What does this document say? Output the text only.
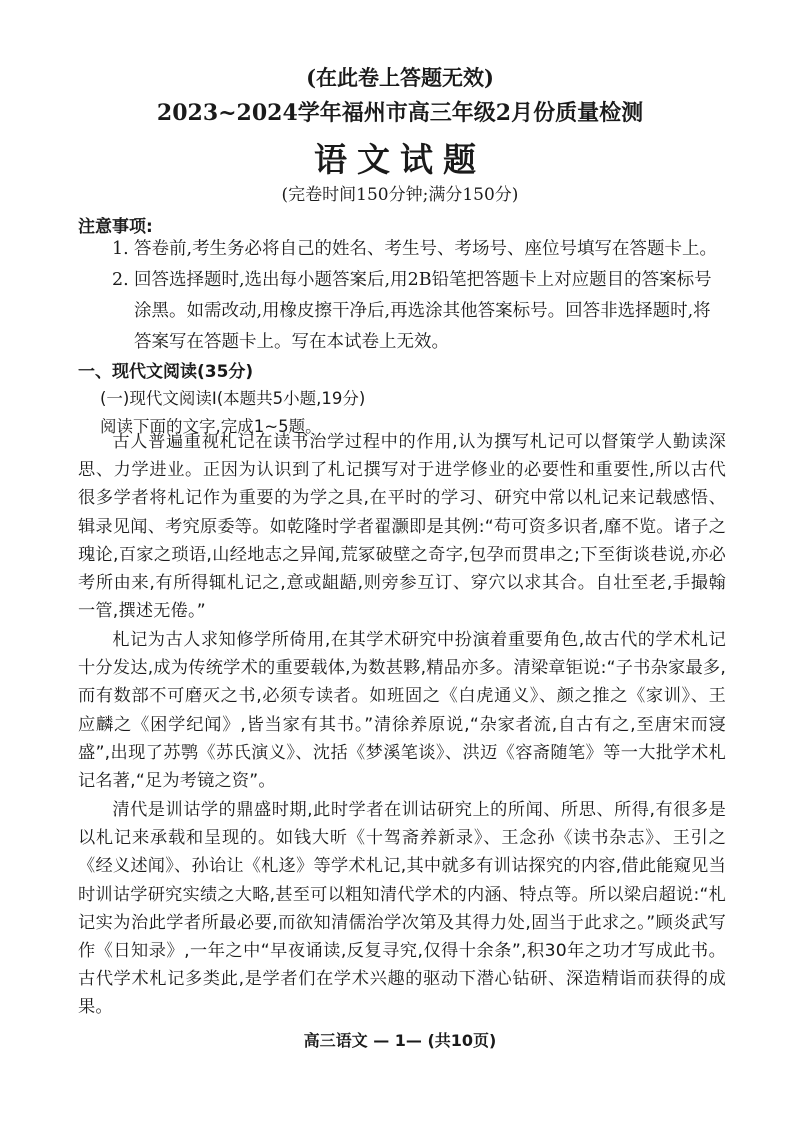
(在此卷上答题无效)
2023~2024学年福州市高三年级2月份质量检测
语文试题
(完卷时间150分钟;满分150分)
注意事项:
1. 答卷前,考生务必将自己的姓名、考生号、考场号、座位号填写在答题卡上。
2. 回答选择题时,选出每小题答案后,用2B铅笔把答题卡上对应题目的答案标号涂黑。如需改动,用橡皮擦干净后,再选涂其他答案标号。回答非选择题时,将答案写在答题卡上。写在本试卷上无效。
一、现代文阅读(35分)
(一)现代文阅读Ⅰ(本题共5小题,19分)
阅读下面的文字,完成1~5题。
古人普遍重视札记在读书治学过程中的作用,认为撰写札记可以督策学人勤读深思、力学进业。正因为认识到了札记撰写对于进学修业的必要性和重要性,所以古代很多学者将札记作为重要的为学之具,在平时的学习、研究中常以札记来记载感悟、辑录见闻、考究原委等。如乾隆时学者翟灏即是其例:“苟可资多识者,靡不览。诸子之瑰论,百家之琐语,山经地志之异闻,荒冢破壁之奇字,包孕而贯串之;下至街谈巷说,亦必考所由来,有所得辄札记之,意或龃龉,则旁参互订、穿穴以求其合。自壮至老,手撮翰一管,撰述无倦。”
札记为古人求知修学所倚用,在其学术研究中扮演着重要角色,故古代的学术札记十分发达,成为传统学术的重要载体,为数甚夥,精品亦多。清梁章钜说:“子书杂家最多,而有数部不可磨灭之书,必须专读者。如班固之《白虎通义》、颜之推之《家训》、王应麟之《困学纪闻》,皆当家有其书。”清徐养原说,“杂家者流,自古有之,至唐宋而寖盛”,出现了苏鹗《苏氏演义》、沈括《梦溪笔谈》、洪迈《容斋随笔》等一大批学术札记名著,“足为考镜之资”。
清代是训诂学的鼎盛时期,此时学者在训诂研究上的所闻、所思、所得,有很多是以札记来承载和呈现的。如钱大昕《十驾斋养新录》、王念孙《读书杂志》、王引之《经义述闻》、孙诒让《札迻》等学术札记,其中就多有训诂探究的内容,借此能窥见当时训诂学研究实绩之大略,甚至可以粗知清代学术的内涵、特点等。所以梁启超说:“札记实为治此学者所最必要,而欲知清儒治学次第及其得力处,固当于此求之。”顾炎武写作《日知录》,一年之中“早夜诵读,反复寻究,仅得十余条”,积30年之功才写成此书。古代学术札记多类此,是学者们在学术兴趣的驱动下潜心钻研、深造精诣而获得的成果。
高三语文 — 1— (共10页)
